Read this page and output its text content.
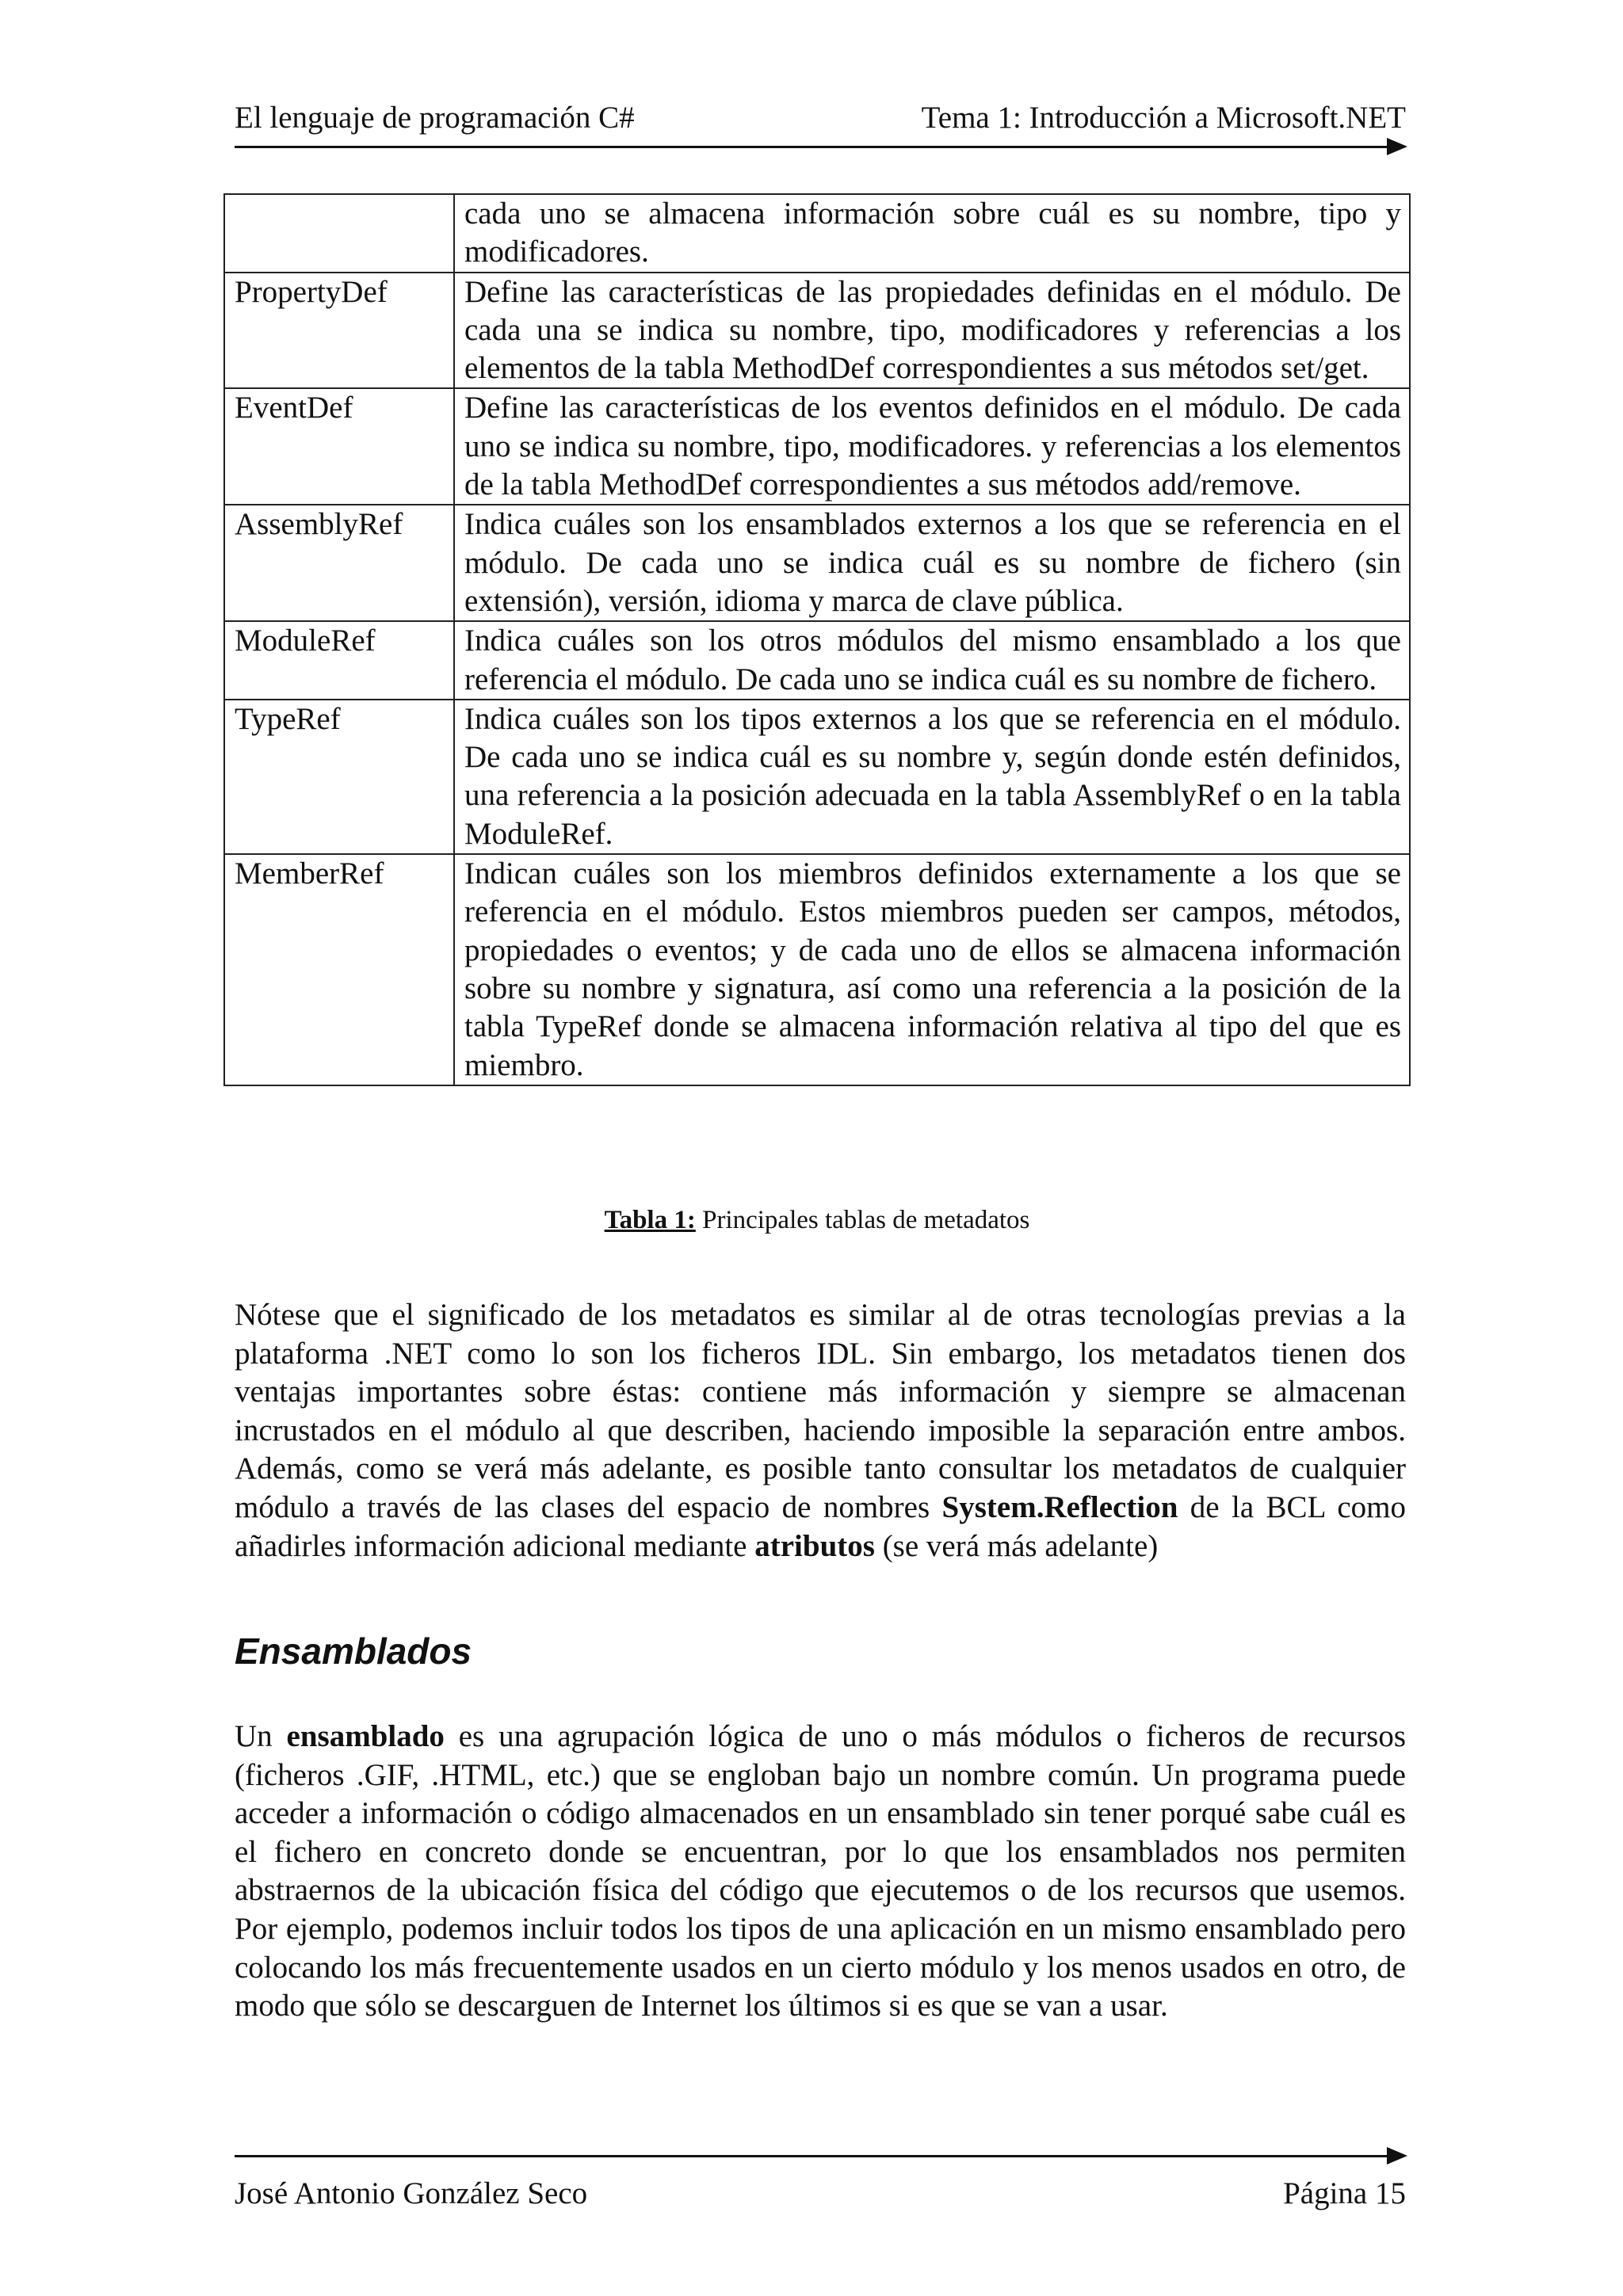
El lenguaje de programación C#	Tema 1: Introducción a Microsoft.NET
	cada uno se almacena información sobre cuál es su nombre, tipo y modificadores.
PropertyDef	Define las características de las propiedades definidas en el módulo. De cada una se indica su nombre, tipo, modificadores y referencias a los elementos de la tabla MethodDef correspondientes a sus métodos set/get.
EventDef	Define las características de los eventos definidos en el módulo. De cada uno se indica su nombre, tipo, modificadores. y referencias a los elementos de la tabla MethodDef correspondientes a sus métodos add/remove.
AssemblyRef	Indica cuáles son los ensamblados externos a los que se referencia en el módulo. De cada uno se indica cuál es su nombre de fichero (sin extensión), versión, idioma y marca de clave pública.
ModuleRef	Indica cuáles son los otros módulos del mismo ensamblado a los que referencia el módulo. De cada uno se indica cuál es su nombre de fichero.
TypeRef	Indica cuáles son los tipos externos a los que se referencia en el módulo. De cada uno se indica cuál es su nombre y, según donde estén definidos, una referencia a la posición adecuada en la tabla AssemblyRef o en la tabla ModuleRef.
MemberRef	Indican cuáles son los miembros definidos externamente a los que se referencia en el módulo. Estos miembros pueden ser campos, métodos, propiedades o eventos; y de cada uno de ellos se almacena información sobre su nombre y signatura, así como una referencia a la posición de la tabla TypeRef donde se almacena información relativa al tipo del que es miembro.
Tabla 1: Principales tablas de metadatos

Nótese que el significado de los metadatos es similar al de otras tecnologías previas a la plataforma .NET como lo son los ficheros IDL. Sin embargo, los metadatos tienen dos ventajas importantes sobre éstas: contiene más información y siempre se almacenan incrustados en el módulo al que describen, haciendo imposible la separación entre ambos. Además, como se verá más adelante, es posible tanto consultar los metadatos de cualquier módulo a través de las clases del espacio de nombres System.Reflection de la BCL como añadirles información adicional mediante atributos (se verá más adelante)

Ensamblados

Un ensamblado es una agrupación lógica de uno o más módulos o ficheros de recursos (ficheros .GIF, .HTML, etc.) que se engloban bajo un nombre común. Un programa puede acceder a información o código almacenados en un ensamblado sin tener porqué sabe cuál es el fichero en concreto donde se encuentran, por lo que los ensamblados nos permiten abstraernos de la ubicación física del código que ejecutemos o de los recursos que usemos. Por ejemplo, podemos incluir todos los tipos de una aplicación en un mismo ensamblado pero colocando los más frecuentemente usados en un cierto módulo y los menos usados en otro, de modo que sólo se descarguen de Internet los últimos si es que se van a usar.

José Antonio González Seco	Página 15
